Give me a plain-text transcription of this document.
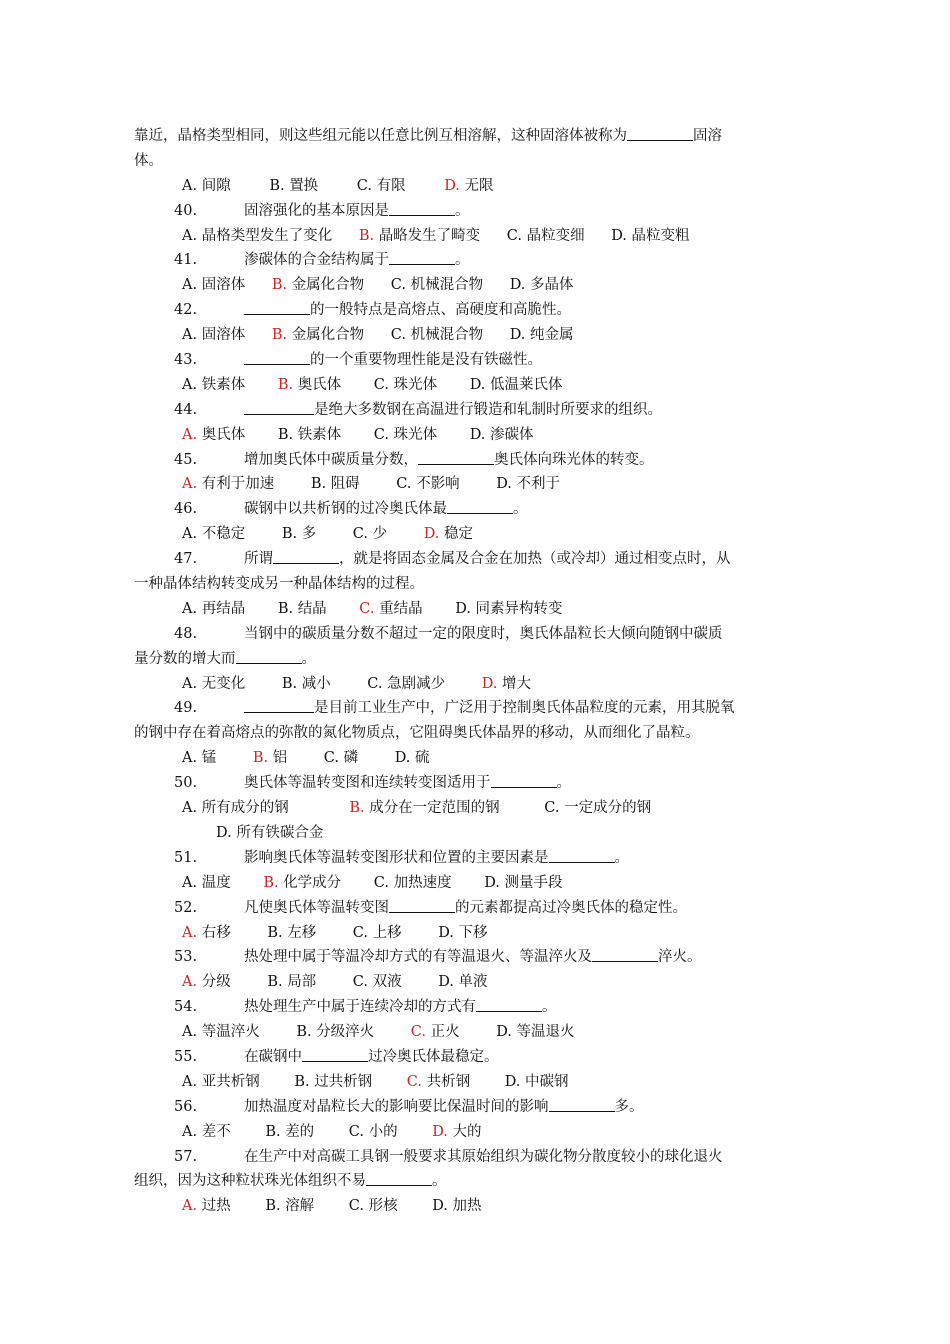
靠近，晶格类型相同，则这些组元能以任意比例互相溶解，这种固溶体被称为	固溶
体。
A. 间隙	B. 置换	C. 有限	D. 无限
40.	固溶强化的基本原因是	。
A. 晶格类型发生了变化 B. 晶略发生了畸变 C. 晶粒变细 D. 晶粒变粗
41.	渗碳体的合金结构属于	。
A. 固溶体 B. 金属化合物 C. 机械混合物 D. 多晶体
42.	的一般特点是高熔点、高硬度和高脆性。
A. 固溶体 B. 金属化合物 C. 机械混合物 D. 纯金属
43.	的一个重要物理性能是没有铁磁性。
A. 铁素体 B. 奥氏体 C. 珠光体 D. 低温莱氏体
44.	是绝大多数钢在高温进行锻造和轧制时所要求的组织。
A. 奥氏体 B. 铁素体 C. 珠光体 D. 渗碳体
45.	增加奥氏体中碳质量分数，	奥氏体向珠光体的转变。
A. 有利于加速	B. 阻碍	C. 不影响	D. 不利于
46.	碳钢中以共析钢的过冷奥氏体最	。
A. 不稳定	B. 多	C. 少	D. 稳定
47.	所谓	，就是将固态金属及合金在加热（或冷却）通过相变点时，从
一种晶体结构转变成另一种晶体结构的过程。
A. 再结晶 B. 结晶 C. 重结晶 D. 同素异构转变
48.	当钢中的碳质量分数不超过一定的限度时，奥氏体晶粒长大倾向随钢中碳质
量分数的增大而	。
A. 无变化	B. 减小	C. 急剧减少	D. 增大
49.	是目前工业生产中，广泛用于控制奥氏体晶粒度的元素，用其脱氧
的钢中存在着高熔点的弥散的氮化物质点，它阻碍奥氏体晶界的移动，从而细化了晶粒。
A. 锰	B. 铝	C. 磷	D. 硫
50.	奥氏体等温转变图和连续转变图适用于	。
A. 所有成分的钢	B. 成分在一定范围的钢	C. 一定成分的钢
D. 所有铁碳合金
51.	影响奥氏体等温转变图形状和位置的主要因素是	。
A. 温度 B. 化学成分 C. 加热速度 D. 测量手段
52.	凡使奥氏体等温转变图	的元素都提高过冷奥氏体的稳定性。
A. 右移	B. 左移	C. 上移	D. 下移
53.	热处理中属于等温冷却方式的有等温退火、等温淬火及	淬火。
A. 分级	B. 局部	C. 双液	D. 单液
54.	热处理生产中属于连续冷却的方式有	。
A. 等温淬火	B. 分级淬火	C. 正火	D. 等温退火
55.	在碳钢中	过冷奥氏体最稳定。
A. 亚共析钢 B. 过共析钢 C. 共析钢 D. 中碳钢
56.	加热温度对晶粒长大的影响要比保温时间的影响	多。
A. 差不 B. 差的 C. 小的 D. 大的
57.	在生产中对高碳工具钢一般要求其原始组织为碳化物分散度较小的球化退火
组织，因为这种粒状珠光体组织不易	。
A. 过热 B. 溶解 C. 形核 D. 加热
